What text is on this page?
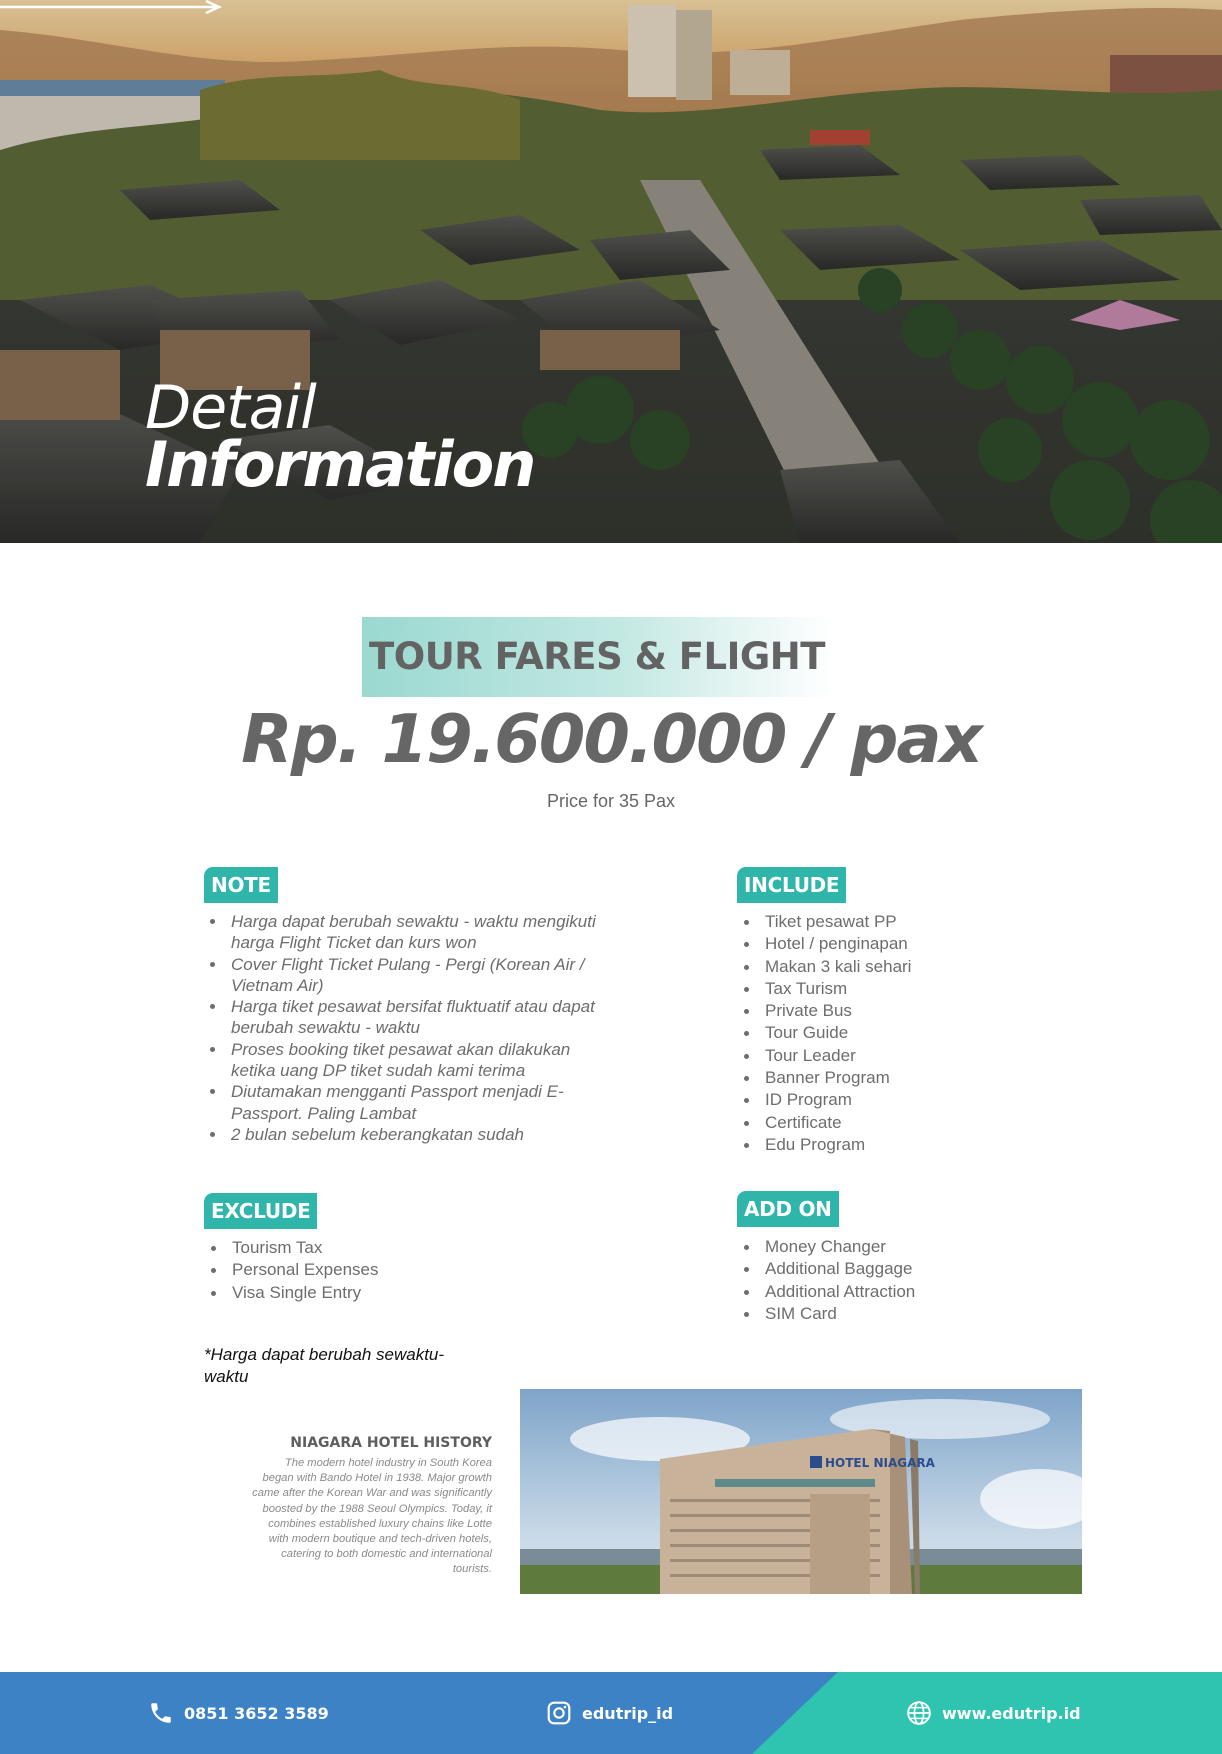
Detail
Information
TOUR FARES & FLIGHT
Rp. 19.600.000 / pax
Price for 35 Pax
NOTE
Harga dapat berubah sewaktu - waktu mengikuti harga Flight Ticket dan kurs won
Cover Flight Ticket Pulang - Pergi (Korean Air / Vietnam Air)
Harga tiket pesawat bersifat fluktuatif atau dapat berubah sewaktu - waktu
Proses booking tiket pesawat akan dilakukan ketika uang DP tiket sudah kami terima
Diutamakan mengganti Passport menjadi E-Passport. Paling Lambat
2 bulan sebelum keberangkatan sudah
INCLUDE
Tiket pesawat PP
Hotel / penginapan
Makan 3 kali sehari
Tax Turism
Private Bus
Tour Guide
Tour Leader
Banner Program
ID Program
Certificate
Edu Program
EXCLUDE
Tourism Tax
Personal Expenses
Visa Single Entry
ADD ON
Money Changer
Additional Baggage
Additional Attraction
SIM Card
*Harga dapat berubah sewaktu-waktu
NIAGARA HOTEL HISTORY
The modern hotel industry in South Korea began with Bando Hotel in 1938. Major growth came after the Korean War and was significantly boosted by the 1988 Seoul Olympics. Today, it combines established luxury chains like Lotte with modern boutique and tech-driven hotels, catering to both domestic and international tourists.
HOTEL NIAGARA
0851 3652 3589	edutrip_id	www.edutrip.id
